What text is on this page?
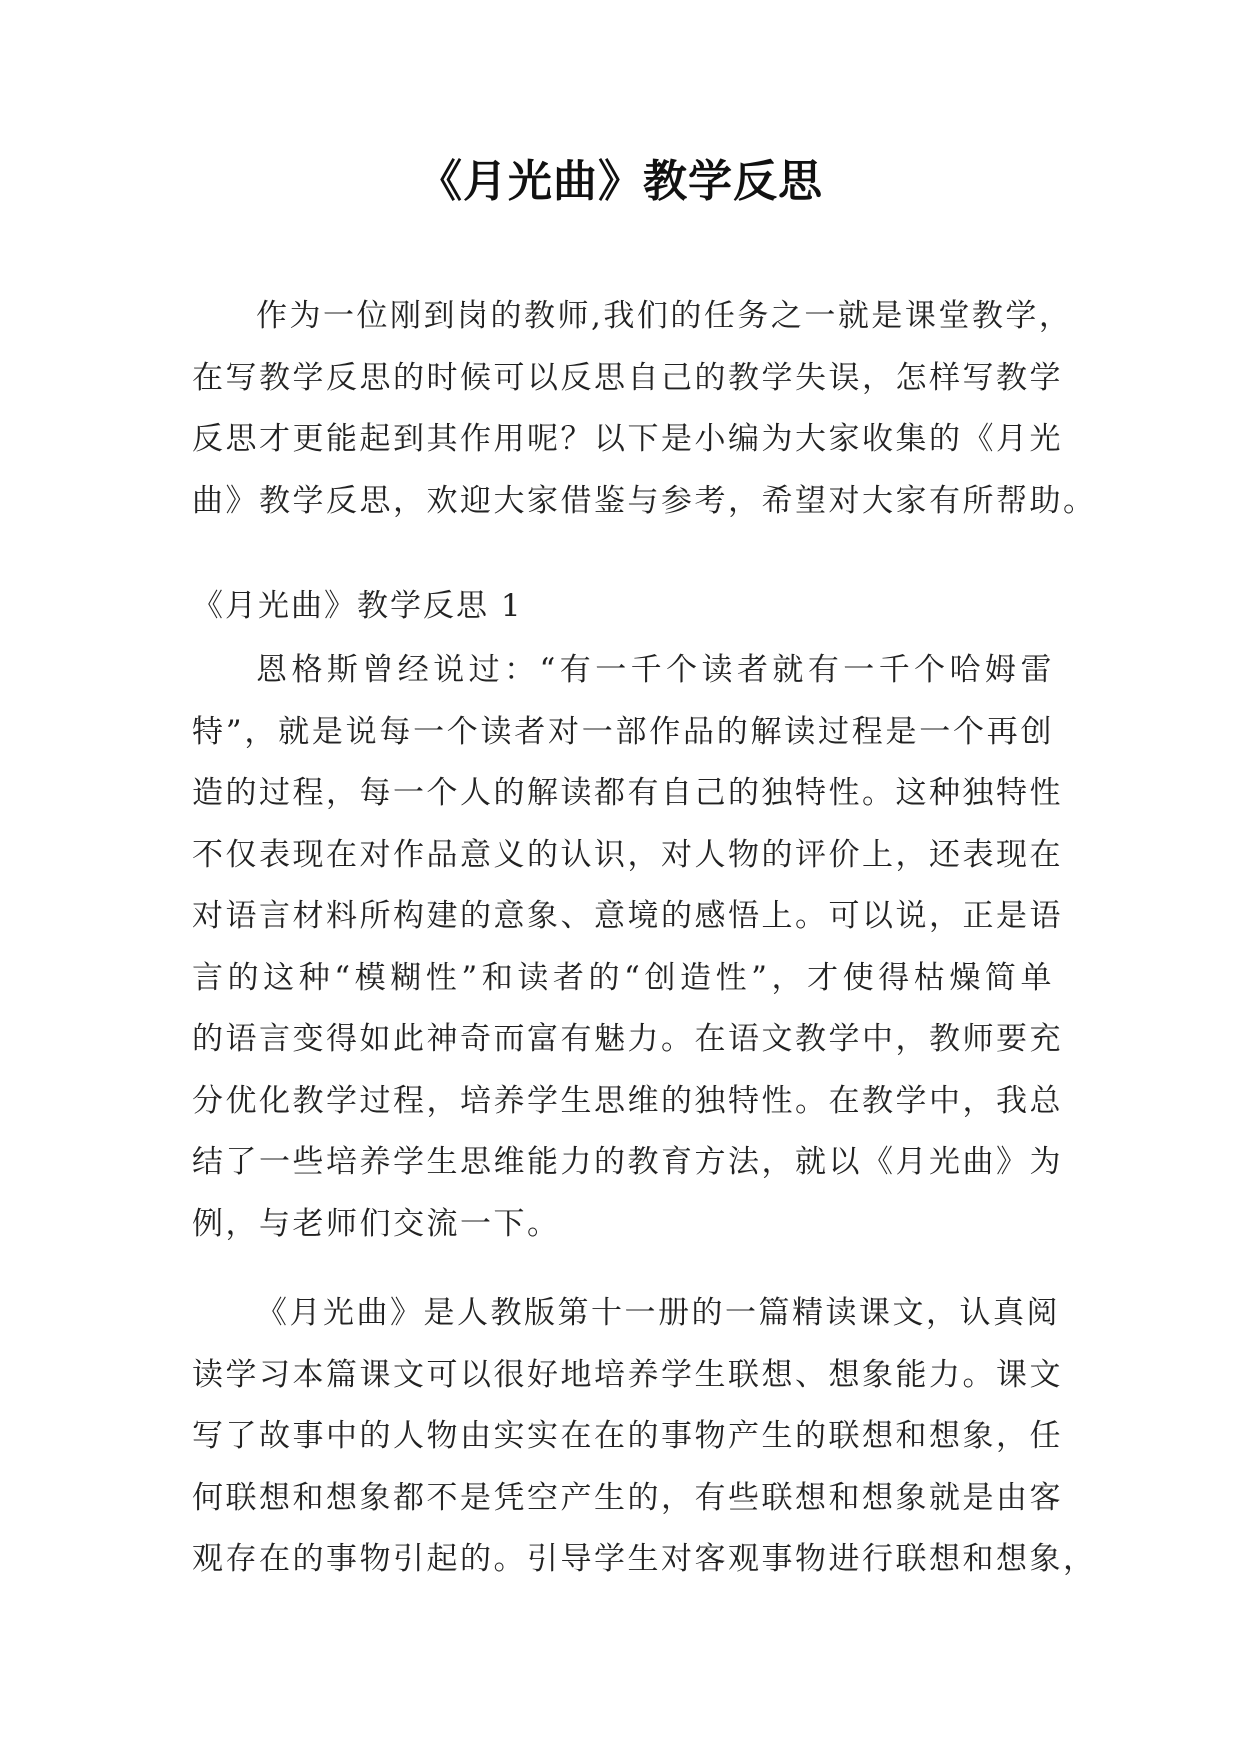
《月光曲》教学反思
作为一位刚到岗的教师,我们的任务之一就是课堂教学，
在写教学反思的时候可以反思自己的教学失误，怎样写教学
反思才更能起到其作用呢？以下是小编为大家收集的《月光
曲》教学反思，欢迎大家借鉴与参考，希望对大家有所帮助。
《月光曲》教学反思 1
恩格斯曾经说过：“有一千个读者就有一千个哈姆雷
特”，就是说每一个读者对一部作品的解读过程是一个再创
造的过程，每一个人的解读都有自己的独特性。这种独特性
不仅表现在对作品意义的认识，对人物的评价上，还表现在
对语言材料所构建的意象、意境的感悟上。可以说，正是语
言的这种“模糊性”和读者的“创造性”，才使得枯燥简单
的语言变得如此神奇而富有魅力。在语文教学中，教师要充
分优化教学过程，培养学生思维的独特性。在教学中，我总
结了一些培养学生思维能力的教育方法，就以《月光曲》为
例，与老师们交流一下。
《月光曲》是人教版第十一册的一篇精读课文，认真阅
读学习本篇课文可以很好地培养学生联想、想象能力。课文
写了故事中的人物由实实在在的事物产生的联想和想象，任
何联想和想象都不是凭空产生的，有些联想和想象就是由客
观存在的事物引起的。引导学生对客观事物进行联想和想象，
